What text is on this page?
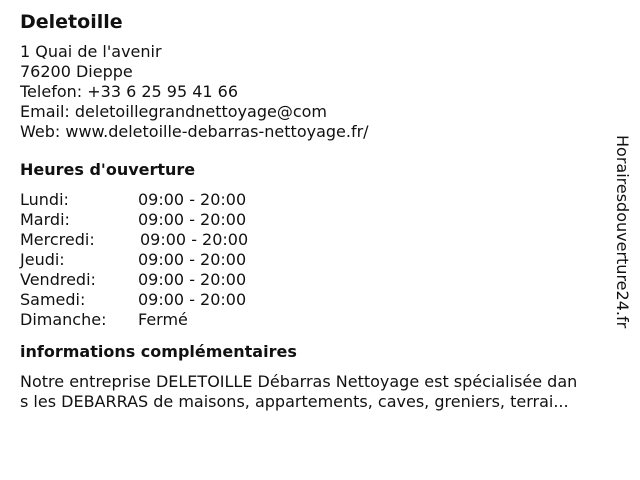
Deletoille
1 Quai de l'avenir
76200 Dieppe
Telefon: +33 6 25 95 41 66
Email: deletoillegrandnettoyage@com
Web: www.deletoille-debarras-nettoyage.fr/
Heures d'ouverture
Lundi:	09:00 - 20:00
Mardi:	09:00 - 20:00
Mercredi:	09:00 - 20:00
Jeudi:	09:00 - 20:00
Vendredi:	09:00 - 20:00
Samedi:	09:00 - 20:00
Dimanche: Fermé
informations complémentaires
Notre entreprise DELETOILLE Débarras Nettoyage est spécialisée dan
s les DEBARRAS de maisons, appartements, caves, greniers, terrai...
Horairesdouverture24.fr
